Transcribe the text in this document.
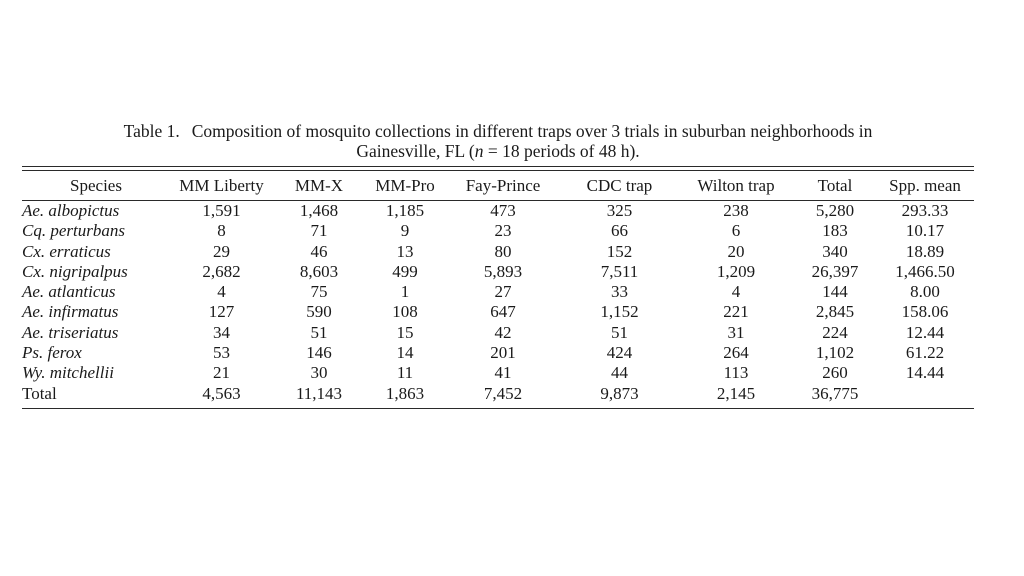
Table 1. Composition of mosquito collections in different traps over 3 trials in suburban neighborhoods in
Gainesville, FL (n = 18 periods of 48 h).
Species	MM Liberty	MM-X	MM-Pro	Fay-Prince	CDC trap	Wilton trap	Total	Spp. mean

Ae. albopictus	1,591	1,468	1,185	473	325	238	5,280	293.33
Cq. perturbans	8	71	9	23	66	6	183	10.17
Cx. erraticus	29	46	13	80	152	20	340	18.89
Cx. nigripalpus	2,682	8,603	499	5,893	7,511	1,209	26,397	1,466.50
Ae. atlanticus	4	75	1	27	33	4	144	8.00
Ae. infirmatus	127	590	108	647	1,152	221	2,845	158.06
Ae. triseriatus	34	51	15	42	51	31	224	12.44
Ps. ferox	53	146	14	201	424	264	1,102	61.22
Wy. mitchellii	21	30	11	41	44	113	260	14.44
Total	4,563	11,143	1,863	7,452	9,873	2,145	36,775	
